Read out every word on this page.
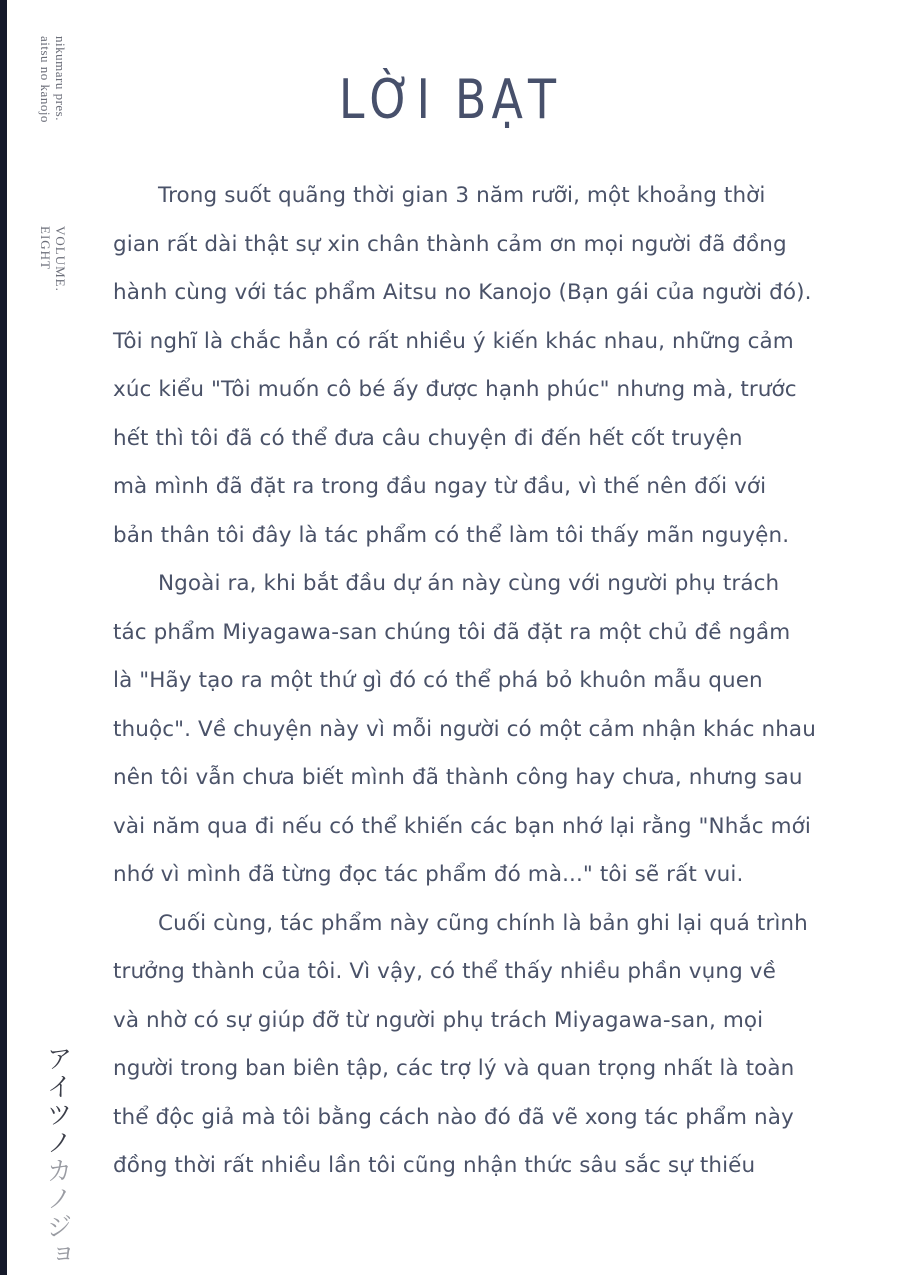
nikumaru pres.
aitsu no kanojo
VOLUME.
EIGHT
アイツノカノジョ
LỜI BẠT
Trong suốt quãng thời gian 3 năm rưỡi, một khoảng thời
gian rất dài thật sự xin chân thành cảm ơn mọi người đã đồng
hành cùng với tác phẩm Aitsu no Kanojo (Bạn gái của người đó).
Tôi nghĩ là chắc hẳn có rất nhiều ý kiến khác nhau, những cảm
xúc kiểu "Tôi muốn cô bé ấy được hạnh phúc" nhưng mà, trước
hết thì tôi đã có thể đưa câu chuyện đi đến hết cốt truyện
mà mình đã đặt ra trong đầu ngay từ đầu, vì thế nên đối với
bản thân tôi đây là tác phẩm có thể làm tôi thấy mãn nguyện.
Ngoài ra, khi bắt đầu dự án này cùng với người phụ trách
tác phẩm Miyagawa-san chúng tôi đã đặt ra một chủ đề ngầm
là "Hãy tạo ra một thứ gì đó có thể phá bỏ khuôn mẫu quen
thuộc". Về chuyện này vì mỗi người có một cảm nhận khác nhau
nên tôi vẫn chưa biết mình đã thành công hay chưa, nhưng sau
vài năm qua đi nếu có thể khiến các bạn nhớ lại rằng "Nhắc mới
nhớ vì mình đã từng đọc tác phẩm đó mà..." tôi sẽ rất vui.
Cuối cùng, tác phẩm này cũng chính là bản ghi lại quá trình
trưởng thành của tôi. Vì vậy, có thể thấy nhiều phần vụng về
và nhờ có sự giúp đỡ từ người phụ trách Miyagawa-san, mọi
người trong ban biên tập, các trợ lý và quan trọng nhất là toàn
thể độc giả mà tôi bằng cách nào đó đã vẽ xong tác phẩm này
đồng thời rất nhiều lần tôi cũng nhận thức sâu sắc sự thiếu
